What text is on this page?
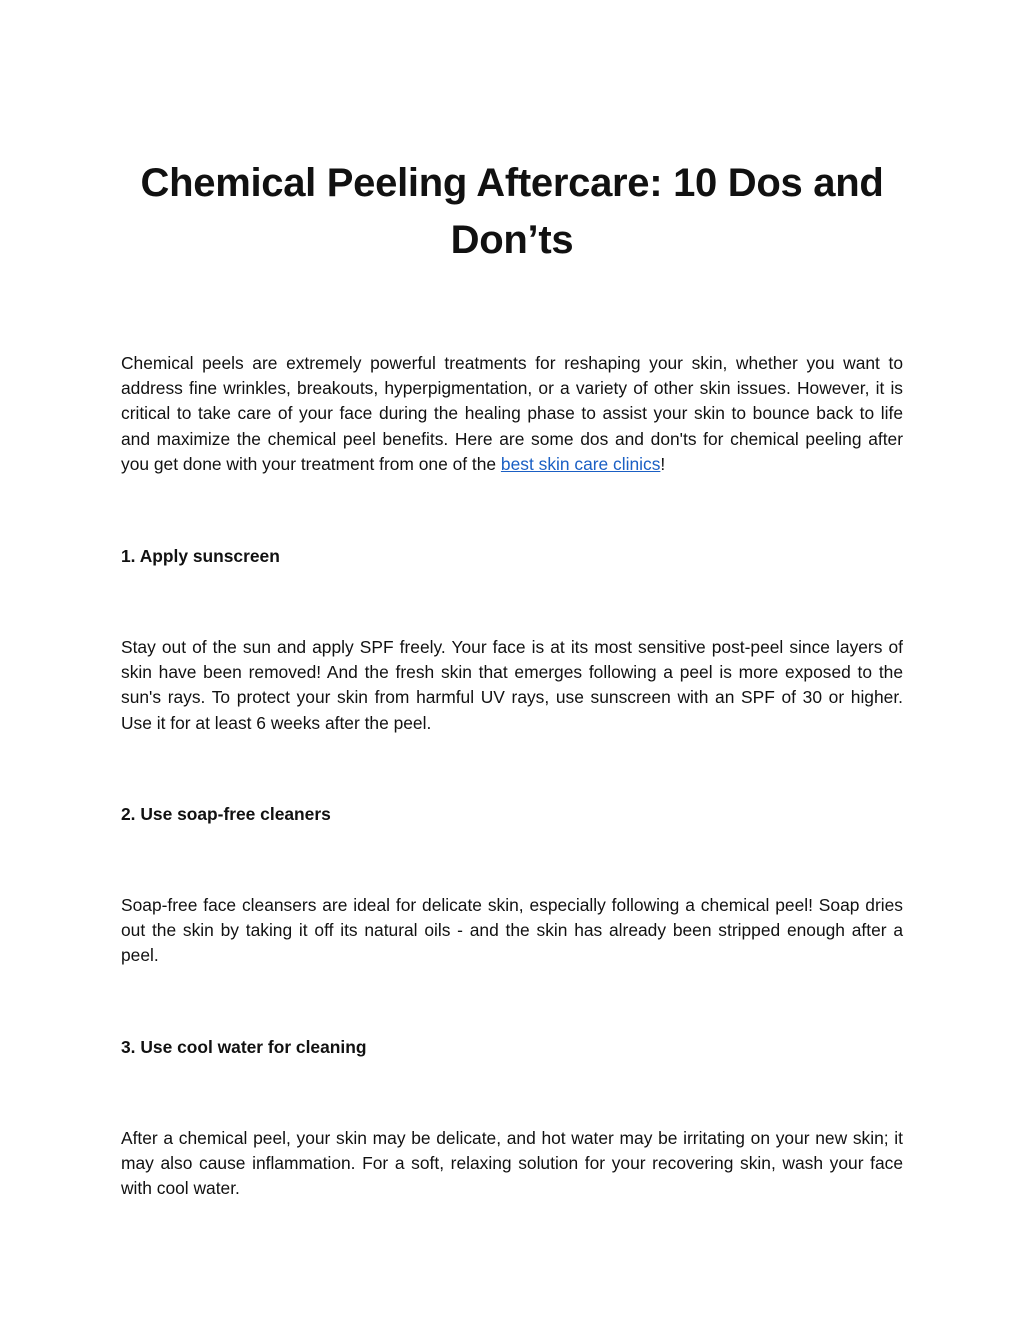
Chemical Peeling Aftercare: 10 Dos and Don’ts

Chemical peels are extremely powerful treatments for reshaping your skin, whether you want to address fine wrinkles, breakouts, hyperpigmentation, or a variety of other skin issues. However, it is critical to take care of your face during the healing phase to assist your skin to bounce back to life and maximize the chemical peel benefits. Here are some dos and don'ts for chemical peeling after you get done with your treatment from one of the best skin care clinics!

1. Apply sunscreen

Stay out of the sun and apply SPF freely. Your face is at its most sensitive post-peel since layers of skin have been removed! And the fresh skin that emerges following a peel is more exposed to the sun's rays. To protect your skin from harmful UV rays, use sunscreen with an SPF of 30 or higher. Use it for at least 6 weeks after the peel.

2. Use soap-free cleaners

Soap-free face cleansers are ideal for delicate skin, especially following a chemical peel! Soap dries out the skin by taking it off its natural oils - and the skin has already been stripped enough after a peel.

3. Use cool water for cleaning

After a chemical peel, your skin may be delicate, and hot water may be irritating on your new skin; it may also cause inflammation. For a soft, relaxing solution for your recovering skin, wash your face with cool water.
